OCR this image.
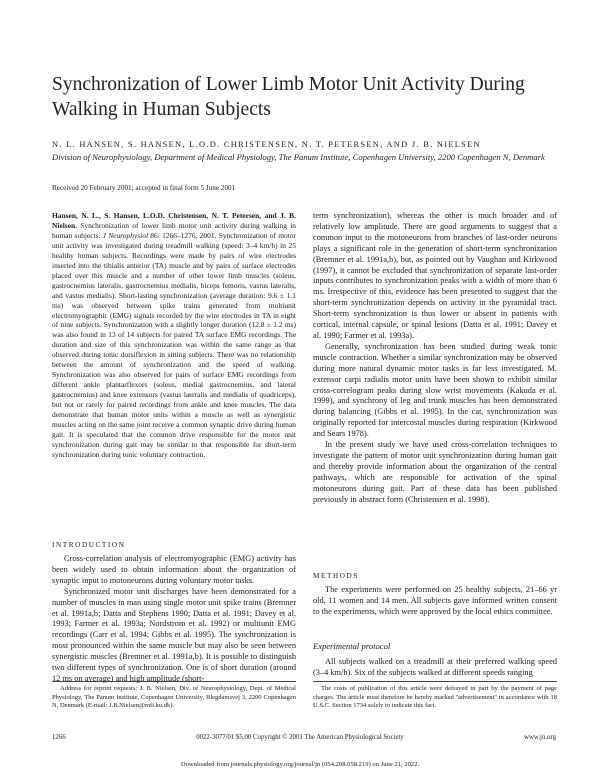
Synchronization of Lower Limb Motor Unit Activity During Walking in Human Subjects
N. L. HANSEN, S. HANSEN, L.O.D. CHRISTENSEN, N. T. PETERSEN, AND J. B. NIELSEN
Division of Neurophysiology, Department of Medical Physiology, The Panum Institute, Copenhagen University, 2200 Copenhagen N, Denmark
Received 20 February 2001; accepted in final form 5 June 2001
Hansen, N. L., S. Hansen, L.O.D. Christensen, N. T. Petersen, and J. B. Nielsen. Synchronization of lower limb motor unit activity during walking in human subjects. J Neurophysiol 86: 1266–1276, 2001. Synchronization of motor unit activity was investigated during treadmill walking (speed: 3–4 km/h) in 25 healthy human subjects. Recordings were made by pairs of wire electrodes inserted into the tibialis anterior (TA) muscle and by pairs of surface electrodes placed over this muscle and a number of other lower limb muscles (soleus, gastrocnemius lateralis, gastrocnemius medialis, biceps femoris, vastus lateralis, and vastus medialis). Short-lasting synchronization (average duration: 9.6 ± 1.1 ms) was observed between spike trains generated from multiunit electromyographic (EMG) signals recorded by the wire electrodes in TA in eight of nine subjects. Synchronization with a slightly longer duration (12.8 ± 1.2 ms) was also found in 13 of 14 subjects for paired TA surface EMG recordings. The duration and size of this synchronization was within the same range as that observed during tonic dorsiflexion in sitting subjects. There was no relationship between the amount of synchronization and the speed of walking. Synchronization was also observed for pairs of surface EMG recordings from different ankle plantarflexors (soleus, medial gastrocnemius, and lateral gastrocnemius) and knee extensors (vastus lateralis and medialis of quadriceps), but not or rarely for paired recordings from ankle and knee muscles. The data demonstrate that human motor units within a muscle as well as synergistic muscles acting on the same joint receive a common synaptic drive during human gait. It is speculated that the common drive responsible for the motor unit synchronization during gait may be similar to that responsible for short-term synchronization during tonic voluntary contraction.
INTRODUCTION

Cross-correlation analysis of electromyographic (EMG) activity has been widely used to obtain information about the organization of synaptic input to motoneurons during voluntary motor tasks.

Synchronized motor unit discharges have been demonstrated for a number of muscles in man using single motor unit spike trains (Bremner et al. 1991a,b; Datta and Stephens 1990; Datta et al. 1991; Davey et al. 1993; Farmer et al. 1993a; Nordstrom et al. 1992) or multiunit EMG recordings (Carr et al. 1994; Gibbs et al. 1995). The synchronization is most pronounced within the same muscle but may also be seen between synergistic muscles (Bremner et al. 1991a,b). It is possible to distinguish two different types of synchronization. One is of short duration (around 12 ms on average) and high amplitude (short-

term synchronization), whereas the other is much broader and of relatively low amplitude. There are good arguments to suggest that a common input to the motoneurons from branches of last-order neurons plays a significant role in the generation of short-term synchronization (Bremner et al. 1991a,b), but, as pointed out by Vaughan and Kirkwood (1997), it cannot be excluded that synchronization of separate last-order inputs contributes to synchronization peaks with a width of more than 6 ms. Irrespective of this, evidence has been presented to suggest that the short-term synchronization depends on activity in the pyramidal tract. Short-term synchronization is thus lower or absent in patients with cortical, internal capsule, or spinal lesions (Datta et al. 1991; Davey et al. 1990; Farmer et al. 1993a).

Generally, synchronization has been studied during weak tonic muscle contraction. Whether a similar synchronization may be observed during more natural dynamic motor tasks is far less investigated. M. extensor carpi radialis motor units have been shown to exhibit similar cross-correlogram peaks during slow wrist movements (Kakuda et al. 1999), and synchrony of leg and trunk muscles has been demonstrated during balancing (Gibbs et al. 1995). In the cat, synchronization was originally reported for intercostal muscles during respiration (Kirkwood and Sears 1978).

In the present study we have used cross-correlation techniques to investigate the pattern of motor unit synchronization during human gait and thereby provide information about the organization of the central pathways, which are responsible for activation of the spinal motoneurons during gait. Part of these data has been published previously in abstract form (Christensen et al. 1998).

METHODS

The experiments were performed on 25 healthy subjects, 21–66 yr old, 11 women and 14 men. All subjects gave informed written consent to the experiments, which were approved by the local ethics committee.

Experimental protocol

All subjects walked on a treadmill at their preferred walking speed (3–4 km/h). Six of the subjects walked at different speeds ranging

Address for reprint requests: J. B. Nielsen, Div. of Neurophysiology, Dept. of Medical Physiology, The Panum Institute, Copenhagen University, Blegdamsvej 3, 2200 Copenhagen N, Denmark (E-mail: J.B.Nielsen@mfi.ku.dk).

The costs of publication of this article were defrayed in part by the payment of page charges. The article must therefore be hereby marked ''advertisement'' in accordance with 18 U.S.C. Section 1734 solely to indicate this fact.

1266	0022-3077/01 $5.00 Copyright © 2001 The American Physiological Society	www.jn.org
Downloaded from journals.physiology.org/journal/jn (054.208.058.219) on June 21, 2022.
